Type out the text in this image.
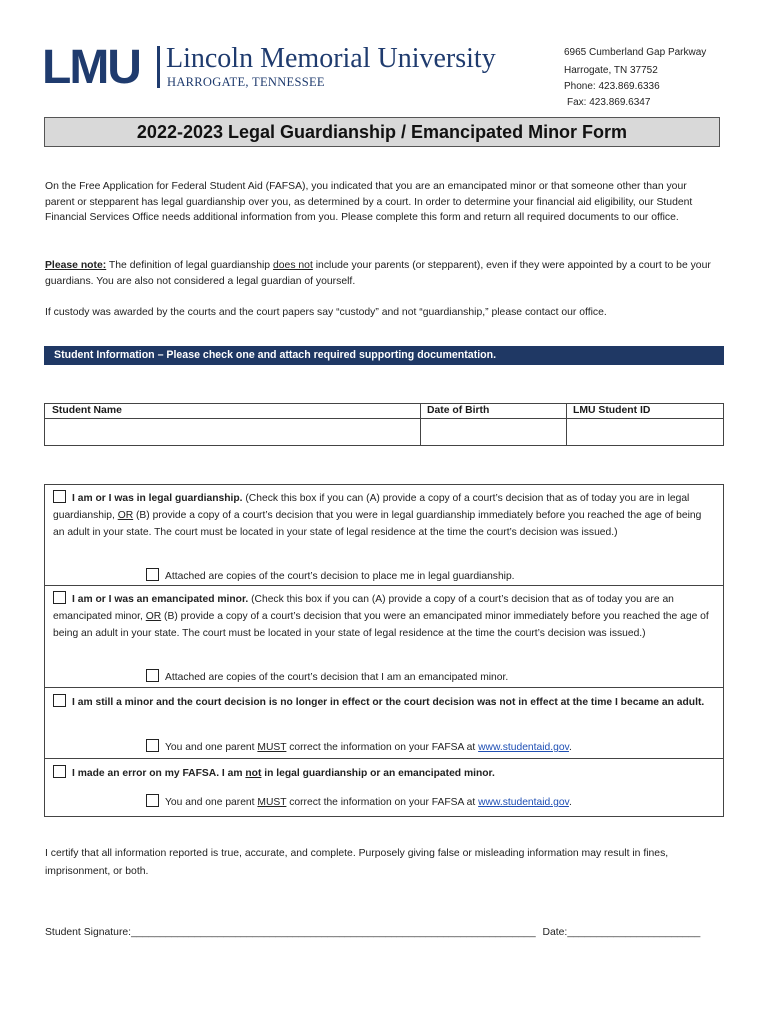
LMU Lincoln Memorial University
HARROGATE, TENNESSEE
6965 Cumberland Gap Parkway
Harrogate, TN 37752
Phone: 423.869.6336
Fax: 423.869.6347
2022-2023 Legal Guardianship / Emancipated Minor Form
On the Free Application for Federal Student Aid (FAFSA), you indicated that you are an emancipated minor or that someone other than your parent or stepparent has legal guardianship over you, as determined by a court. In order to determine your financial aid eligibility, our Student Financial Services Office needs additional information from you. Please complete this form and return all required documents to our office.
Please note: The definition of legal guardianship does not include your parents (or stepparent), even if they were appointed by a court to be your guardians. You are also not considered a legal guardian of yourself.
If custody was awarded by the courts and the court papers say “custody” and not “guardianship,” please contact our office.
Student Information – Please check one and attach required supporting documentation.
Student Name	Date of Birth	LMU Student ID
I am or I was in legal guardianship. (Check this box if you can (A) provide a copy of a court’s decision that as of today you are in legal guardianship, OR (B) provide a copy of a court’s decision that you were in legal guardianship immediately before you reached the age of being an adult in your state. The court must be located in your state of legal residence at the time the court’s decision was issued.)
Attached are copies of the court’s decision to place me in legal guardianship.
I am or I was an emancipated minor. (Check this box if you can (A) provide a copy of a court’s decision that as of today you are an emancipated minor, OR (B) provide a copy of a court’s decision that you were an emancipated minor immediately before you reached the age of being an adult in your state. The court must be located in your state of legal residence at the time the court’s decision was issued.)
Attached are copies of the court’s decision that I am an emancipated minor.
I am still a minor and the court decision is no longer in effect or the court decision was not in effect at the time I became an adult.
You and one parent MUST correct the information on your FAFSA at www.studentaid.gov.
I made an error on my FAFSA. I am not in legal guardianship or an emancipated minor.
You and one parent MUST correct the information on your FAFSA at www.studentaid.gov.
I certify that all information reported is true, accurate, and complete. Purposely giving false or misleading information may result in fines, imprisonment, or both.
Student Signature:______________________________________________________________________ Date:_______________________
